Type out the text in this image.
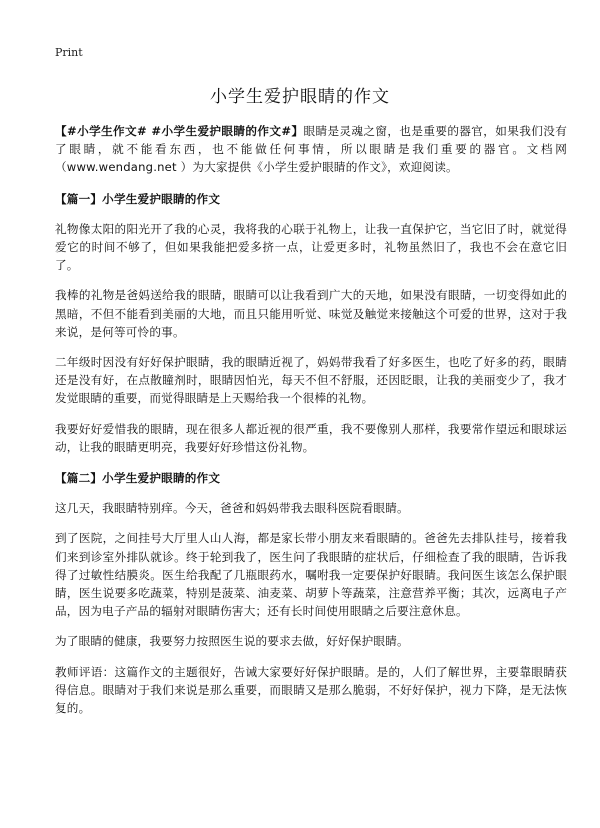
Print
小学生爱护眼睛的作文

【#小学生作文# #小学生爱护眼睛的作文#】眼睛是灵魂之窗，也是重要的器官，如果我们没有了眼睛，就不能看东西，也不能做任何事情，所以眼睛是我们重要的器官。文档网（www.wendang.net ）为大家提供《小学生爱护眼睛的作文》，欢迎阅读。

【篇一】小学生爱护眼睛的作文

礼物像太阳的阳光开了我的心灵，我将我的心联于礼物上，让我一直保护它，当它旧了时，就觉得爱它的时间不够了，但如果我能把爱多挤一点，让爱更多时，礼物虽然旧了，我也不会在意它旧了。

我棒的礼物是爸妈送给我的眼睛，眼睛可以让我看到广大的天地，如果没有眼睛，一切变得如此的黑暗，不但不能看到美丽的大地，而且只能用听觉、味觉及触觉来接触这个可爱的世界，这对于我来说，是何等可怜的事。

二年级时因没有好好保护眼睛，我的眼睛近视了，妈妈带我看了好多医生，也吃了好多的药，眼睛还是没有好，在点散瞳剂时，眼睛因怕光，每天不但不舒服，还因眨眼，让我的美丽变少了，我才发觉眼睛的重要，而觉得眼睛是上天赐给我一个很棒的礼物。

我要好好爱惜我的眼睛，现在很多人都近视的很严重，我不要像别人那样，我要常作望远和眼球运动，让我的眼睛更明亮，我要好好珍惜这份礼物。

【篇二】小学生爱护眼睛的作文

这几天，我眼睛特别痒。今天，爸爸和妈妈带我去眼科医院看眼睛。

到了医院，之间挂号大厅里人山人海，都是家长带小朋友来看眼睛的。爸爸先去排队挂号，接着我们来到诊室外排队就诊。终于轮到我了，医生问了我眼睛的症状后，仔细检查了我的眼睛，告诉我得了过敏性结膜炎。医生给我配了几瓶眼药水，嘱咐我一定要保护好眼睛。我问医生该怎么保护眼睛，医生说要多吃蔬菜，特别是菠菜、油麦菜、胡萝卜等蔬菜，注意营养平衡；其次，远离电子产品，因为电子产品的辐射对眼睛伤害大；还有长时间使用眼睛之后要注意休息。

为了眼睛的健康，我要努力按照医生说的要求去做，好好保护眼睛。

教师评语：这篇作文的主题很好，告诫大家要好好保护眼睛。是的，人们了解世界，主要靠眼睛获得信息。眼睛对于我们来说是那么重要，而眼睛又是那么脆弱，不好好保护，视力下降，是无法恢复的。
